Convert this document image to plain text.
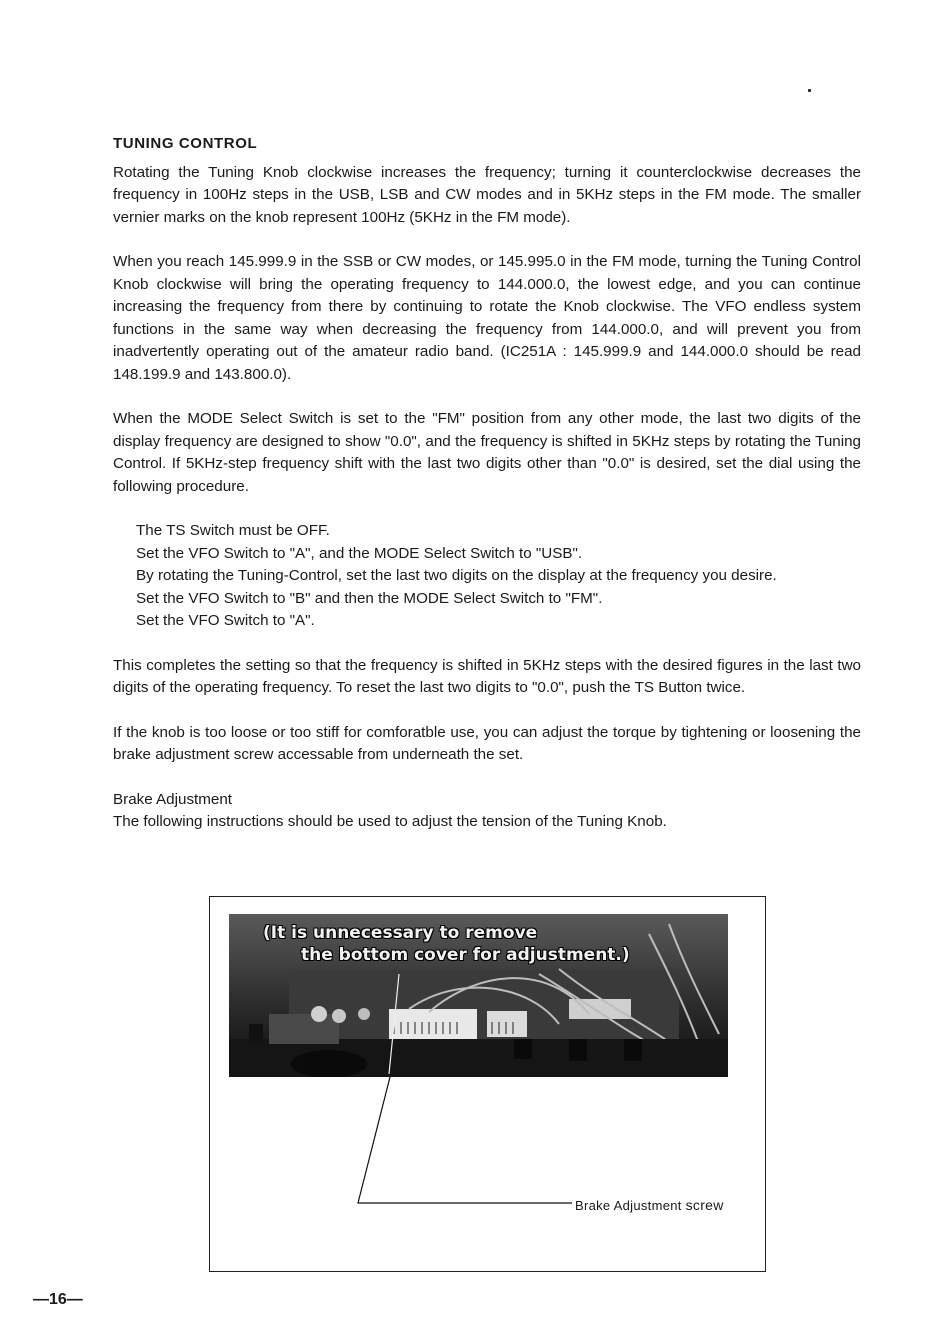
TUNING CONTROL

Rotating the Tuning Knob clockwise increases the frequency; turning it counterclockwise decreases the frequency in 100Hz steps in the USB, LSB and CW modes and in 5KHz steps in the FM mode. The smaller vernier marks on the knob represent 100Hz (5KHz in the FM mode).

When you reach 145.999.9 in the SSB or CW modes, or 145.995.0 in the FM mode, turning the Tuning Control Knob clockwise will bring the operating frequency to 144.000.0, the lowest edge, and you can continue increasing the frequency from there by continuing to rotate the Knob clockwise. The VFO endless system functions in the same way when decreasing the frequency from 144.000.0, and will prevent you from inadvertently operating out of the amateur radio band. (IC251A : 145.999.9 and 144.000.0 should be read 148.199.9 and 143.800.0).

When the MODE Select Switch is set to the "FM" position from any other mode, the last two digits of the display frequency are designed to show "0.0", and the frequency is shifted in 5KHz steps by rotating the Tuning Control. If 5KHz-step frequency shift with the last two digits other than "0.0" is desired, set the dial using the following procedure.

The TS Switch must be OFF.
Set the VFO Switch to "A", and the MODE Select Switch to "USB".
By rotating the Tuning-Control, set the last two digits on the display at the frequency you desire.
Set the VFO Switch to "B" and then the MODE Select Switch to "FM".
Set the VFO Switch to "A".

This completes the setting so that the frequency is shifted in 5KHz steps with the desired figures in the last two digits of the operating frequency. To reset the last two digits to "0.0", push the TS Button twice.

If the knob is too loose or too stiff for comforatble use, you can adjust the torque by tightening or loosening the brake adjustment screw accessable from underneath the set.

Brake Adjustment

The following instructions should be used to adjust the tension of the Tuning Knob.

(It is unnecessary to remove
the bottom cover for adjustment.)
Brake Adjustment screw
—16—
